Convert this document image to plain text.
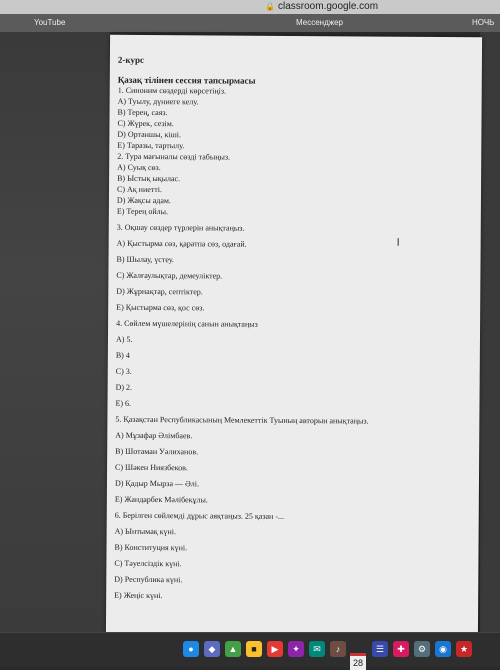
🔒 classroom.google.com
YouTube	Мессенджер	НОЧЬ
2-курс
Қазақ тілінен сессия тапсырмасы
1. Синоним сөздерді көрсетіңіз.
А) Туылу, дүниеге келу.
В) Терең, саяз.
С) Жүрек, сезім.
D) Ортаншы, кіші.
Е) Таразы, тартылу.
2. Тура мағыналы сөзді табыңыз.
А) Суық сөз.
В) Ыстық ықылас.
С) Ақ ниетті.
D) Жақсы адам.
Е) Терең ойлы.
3. Оқшау сөздер түрлерін анықтаңыз.
А) Қыстырма сөз, қаратпа сөз, одағай.
В) Шылау, үстеу.
С) Жалғаулықтар, демеуліктер.
D) Жұрнақтар, септіктер.
Е) Қыстырма сөз, қос сөз.
4. Сөйлем мүшелерінің санын анықтаңыз
А) 5.
В) 4
С) 3.
D) 2.
Е) 6.
5. Қазақстан Республикасының Мемлекеттік Туының авторын анықтаңыз.
А) Мұзафар Әлімбаев.
В) Шотаман Уәлиханов.
С) Шәкен Ниязбеков.
D) Қадыр Мырза — Әлі.
Е) Жандарбек Мәлібекұлы.
6. Берілген сөйлемді дұрыс аяқтаңыз. 25 қазан -...
А) Ынтымақ күні.
В) Конституция күні.
С) Тәуелсіздік күні.
D) Республика күні.
Е) Жеңіс күні.
I
●	◆	▲	■	▶	✦	✉	♪
28
☰	✚	⚙	◉	★
